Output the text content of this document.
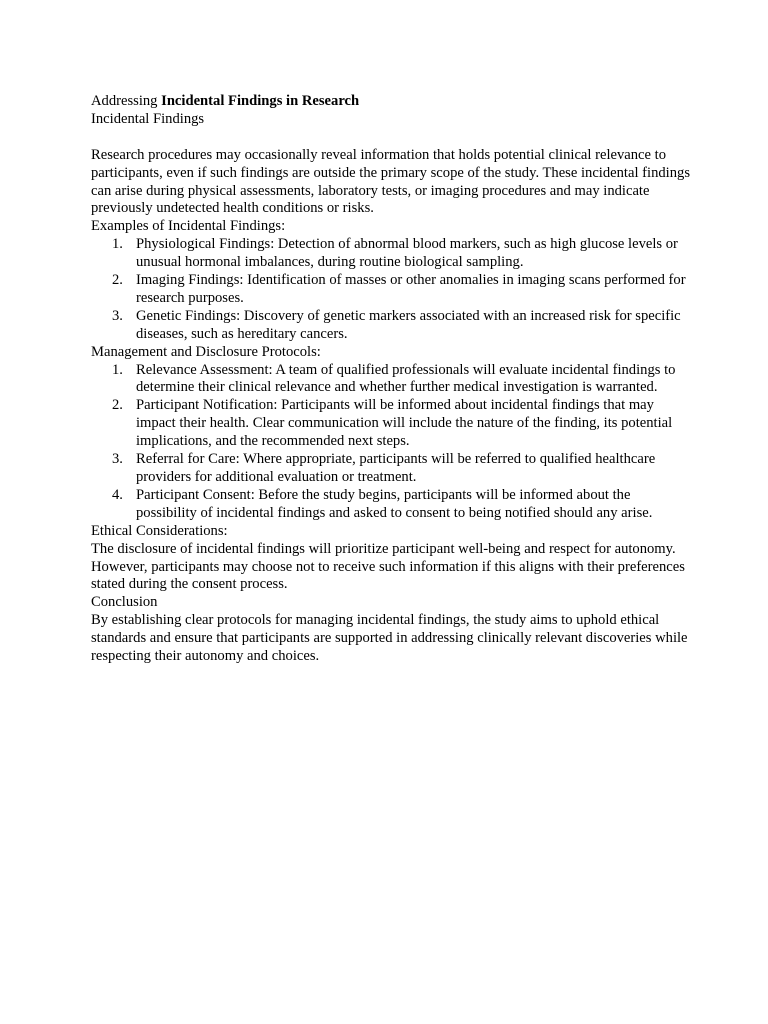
Addressing Incidental Findings in Research

Incidental Findings

Research procedures may occasionally reveal information that holds potential clinical relevance to participants, even if such findings are outside the primary scope of the study. These incidental findings can arise during physical assessments, laboratory tests, or imaging procedures and may indicate previously undetected health conditions or risks.

Examples of Incidental Findings:

1. Physiological Findings: Detection of abnormal blood markers, such as high glucose levels or unusual hormonal imbalances, during routine biological sampling.
2. Imaging Findings: Identification of masses or other anomalies in imaging scans performed for research purposes.
3. Genetic Findings: Discovery of genetic markers associated with an increased risk for specific diseases, such as hereditary cancers.

Management and Disclosure Protocols:

1. Relevance Assessment: A team of qualified professionals will evaluate incidental findings to determine their clinical relevance and whether further medical investigation is warranted.
2. Participant Notification: Participants will be informed about incidental findings that may impact their health. Clear communication will include the nature of the finding, its potential implications, and the recommended next steps.
3. Referral for Care: Where appropriate, participants will be referred to qualified healthcare providers for additional evaluation or treatment.
4. Participant Consent: Before the study begins, participants will be informed about the possibility of incidental findings and asked to consent to being notified should any arise.

Ethical Considerations:

The disclosure of incidental findings will prioritize participant well-being and respect for autonomy. However, participants may choose not to receive such information if this aligns with their preferences stated during the consent process.

Conclusion

By establishing clear protocols for managing incidental findings, the study aims to uphold ethical standards and ensure that participants are supported in addressing clinically relevant discoveries while respecting their autonomy and choices.
